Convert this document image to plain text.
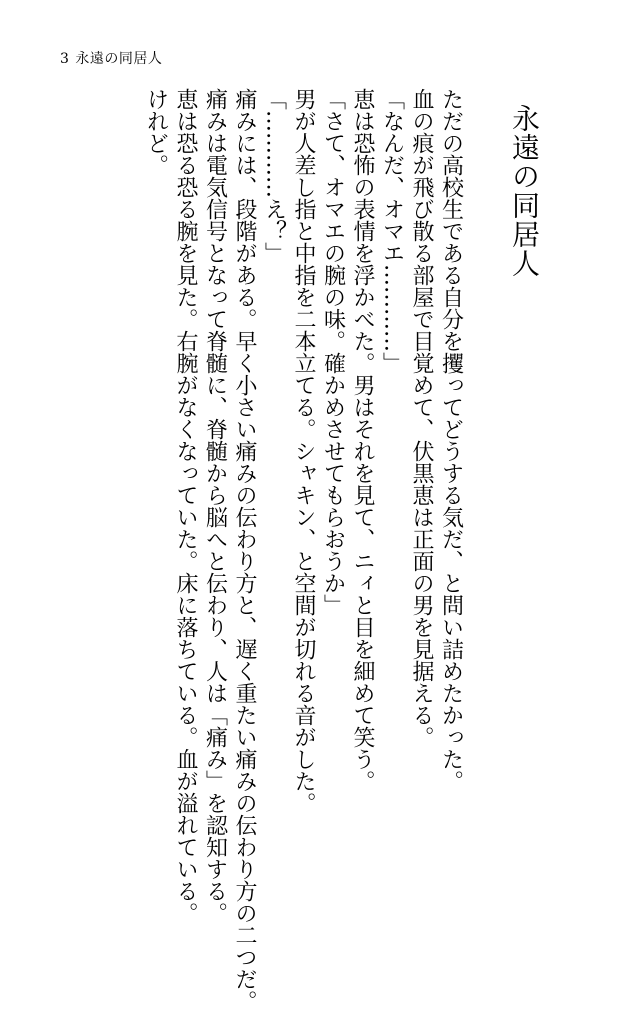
3 永遠の同居人
永遠の同居人

ただの高校生である自分を攫ってどうする気だ、と問い詰めたかった。

血の痕が飛び散る部屋で目覚めて、伏黒恵は正面の男を見据える。

「なんだ、オマエ…………」

恵は恐怖の表情を浮かべた。男はそれを見て、ニィと目を細めて笑う。

「さて、オマエの腕の味。確かめさせてもらおうか」

男が人差し指と中指を二本立てる。シャキン、と空間が切れる音がした。

「…………え？」

痛みには、段階がある。早く小さい痛みの伝わり方と、遅く重たい痛みの伝わり方の二つだ。

痛みは電気信号となって脊髄に、脊髄から脳へと伝わり、人は「痛み」を認知する。

恵は恐る恐る腕を見た。右腕がなくなっていた。床に落ちている。血が溢れている。

けれど。
